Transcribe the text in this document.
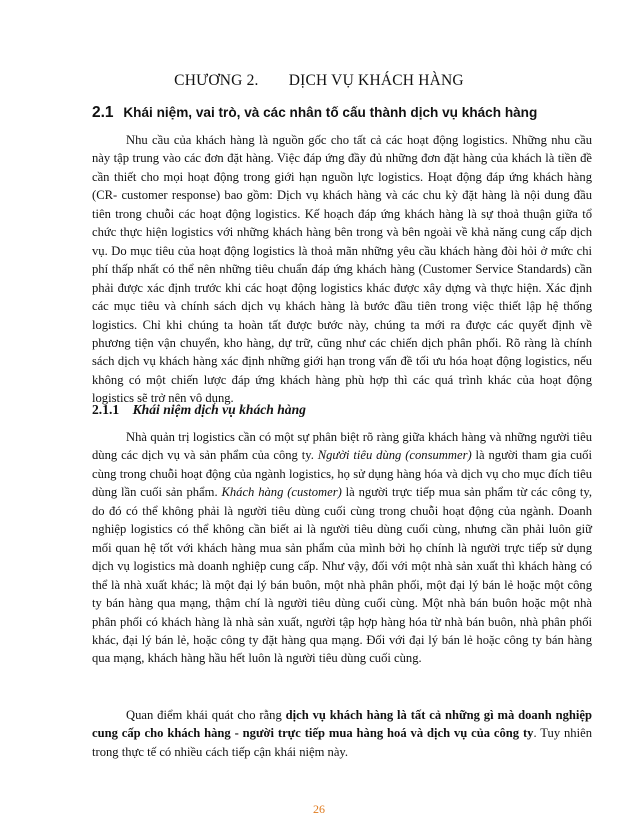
CHƯƠNG 2. DỊCH VỤ KHÁCH HÀNG
2.1 Khái niệm, vai trò, và các nhân tố cấu thành dịch vụ khách hàng

Nhu cầu của khách hàng là nguồn gốc cho tất cả các hoạt động logistics. Những nhu cầu này tập trung vào các đơn đặt hàng. Việc đáp ứng đầy đủ những đơn đặt hàng của khách là tiền đề cần thiết cho mọi hoạt động trong giới hạn nguồn lực logistics. Hoạt động đáp ứng khách hàng (CR- customer response) bao gồm: Dịch vụ khách hàng và các chu kỳ đặt hàng là nội dung đầu tiên trong chuỗi các hoạt động logistics. Kế hoạch đáp ứng khách hàng là sự thoả thuận giữa tổ chức thực hiện logistics với những khách hàng bên trong và bên ngoài về khả năng cung cấp dịch vụ. Do mục tiêu của hoạt động logistics là thoả mãn những yêu cầu khách hàng đòi hỏi ở mức chi phí thấp nhất có thể nên những tiêu chuẩn đáp ứng khách hàng (Customer Service Standards) cần phải được xác định trước khi các hoạt động logistics khác được xây dựng và thực hiện. Xác định các mục tiêu và chính sách dịch vụ khách hàng là bước đầu tiên trong việc thiết lập hệ thống logistics. Chỉ khi chúng ta hoàn tất được bước này, chúng ta mới ra được các quyết định về phương tiện vận chuyển, kho hàng, dự trữ, cũng như các chiến dịch phân phối. Rõ ràng là chính sách dịch vụ khách hàng xác định những giới hạn trong vấn đề tối ưu hóa hoạt động logistics, nếu không có một chiến lược đáp ứng khách hàng phù hợp thì các quá trình khác của hoạt động logistics sẽ trở nên vô dụng.

2.1.1 Khái niệm dịch vụ khách hàng

Nhà quản trị logistics cần có một sự phân biệt rõ ràng giữa khách hàng và những người tiêu dùng các dịch vụ và sản phẩm của công ty. Người tiêu dùng (consummer) là người tham gia cuối cùng trong chuỗi hoạt động của ngành logistics, họ sử dụng hàng hóa và dịch vụ cho mục đích tiêu dùng lần cuối sản phẩm. Khách hàng (customer) là người trực tiếp mua sản phẩm từ các công ty, do đó có thể không phải là người tiêu dùng cuối cùng trong chuỗi hoạt động của ngành. Doanh nghiệp logistics có thể không cần biết ai là người tiêu dùng cuối cùng, nhưng cần phải luôn giữ mối quan hệ tốt với khách hàng mua sản phẩm của mình bởi họ chính là người trực tiếp sử dụng dịch vụ logistics mà doanh nghiệp cung cấp. Như vậy, đối với một nhà sản xuất thì khách hàng có thể là nhà xuất khác; là một đại lý bán buôn, một nhà phân phối, một đại lý bán lẻ hoặc một công ty bán hàng qua mạng, thậm chí là người tiêu dùng cuối cùng. Một nhà bán buôn hoặc một nhà phân phối có khách hàng là nhà sản xuất, người tập hợp hàng hóa từ nhà bán buôn, nhà phân phối khác, đại lý bán lẻ, hoặc công ty đặt hàng qua mạng. Đối với đại lý bán lẻ hoặc công ty bán hàng qua mạng, khách hàng hầu hết luôn là người tiêu dùng cuối cùng.

Quan điểm khái quát cho rằng dịch vụ khách hàng là tất cả những gì mà doanh nghiệp cung cấp cho khách hàng - người trực tiếp mua hàng hoá và dịch vụ của công ty. Tuy nhiên trong thực tế có nhiều cách tiếp cận khái niệm này.

26
